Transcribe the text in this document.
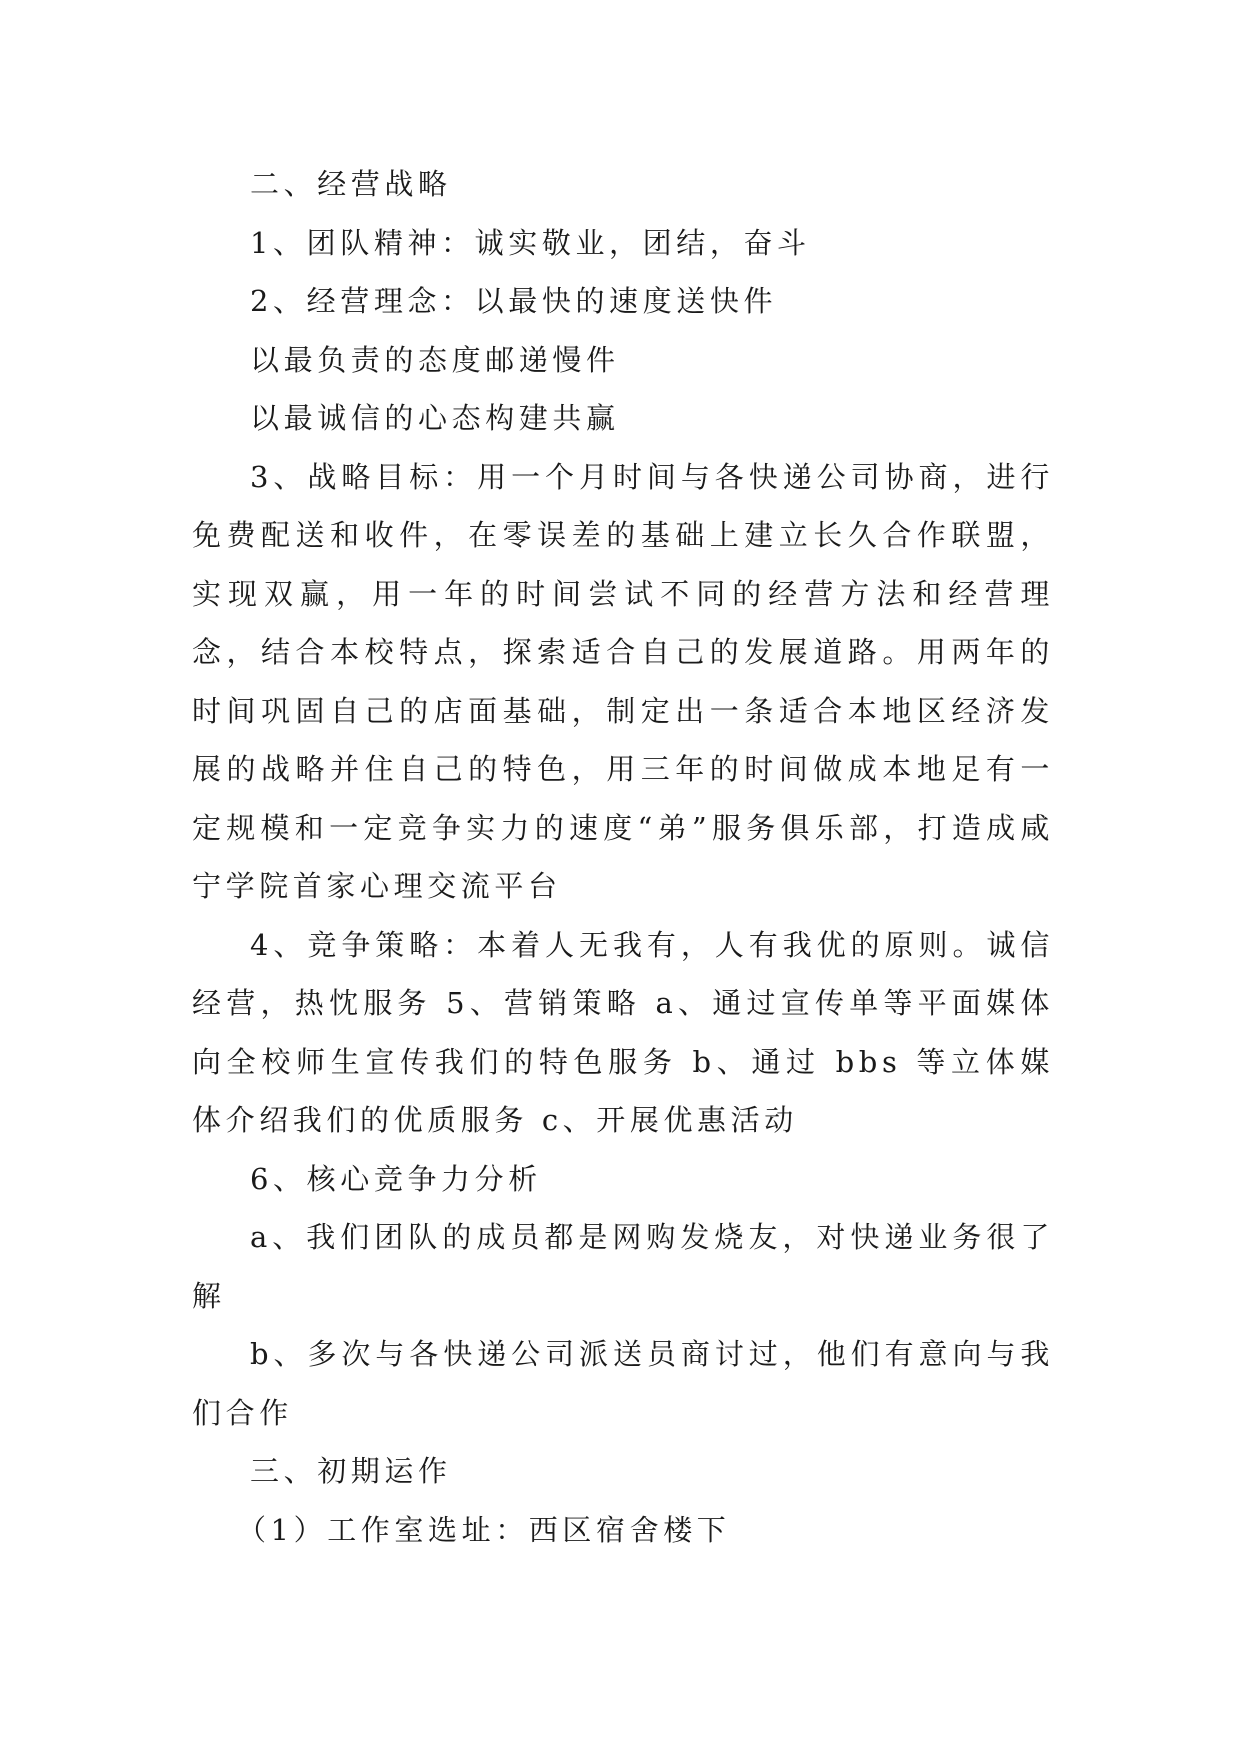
二、经营战略

1、团队精神：诚实敬业，团结，奋斗

2、经营理念：以最快的速度送快件

以最负责的态度邮递慢件

以最诚信的心态构建共赢

3、战略目标：用一个月时间与各快递公司协商，进行免费配送和收件，在零误差的基础上建立长久合作联盟，实现双赢，用一年的时间尝试不同的经营方法和经营理念，结合本校特点，探索适合自己的发展道路。用两年的时间巩固自己的店面基础，制定出一条适合本地区经济发展的战略并住自己的特色，用三年的时间做成本地足有一定规模和一定竞争实力的速度“弟”服务俱乐部，打造成咸宁学院首家心理交流平台

4、竞争策略：本着人无我有，人有我优的原则。诚信经营，热忱服务 5、营销策略 a、通过宣传单等平面媒体向全校师生宣传我们的特色服务 b、通过 bbs 等立体媒体介绍我们的优质服务 c、开展优惠活动

6、核心竞争力分析

a、我们团队的成员都是网购发烧友，对快递业务很了解

b、多次与各快递公司派送员商讨过，他们有意向与我们合作

三、初期运作

（1）工作室选址：西区宿舍楼下
